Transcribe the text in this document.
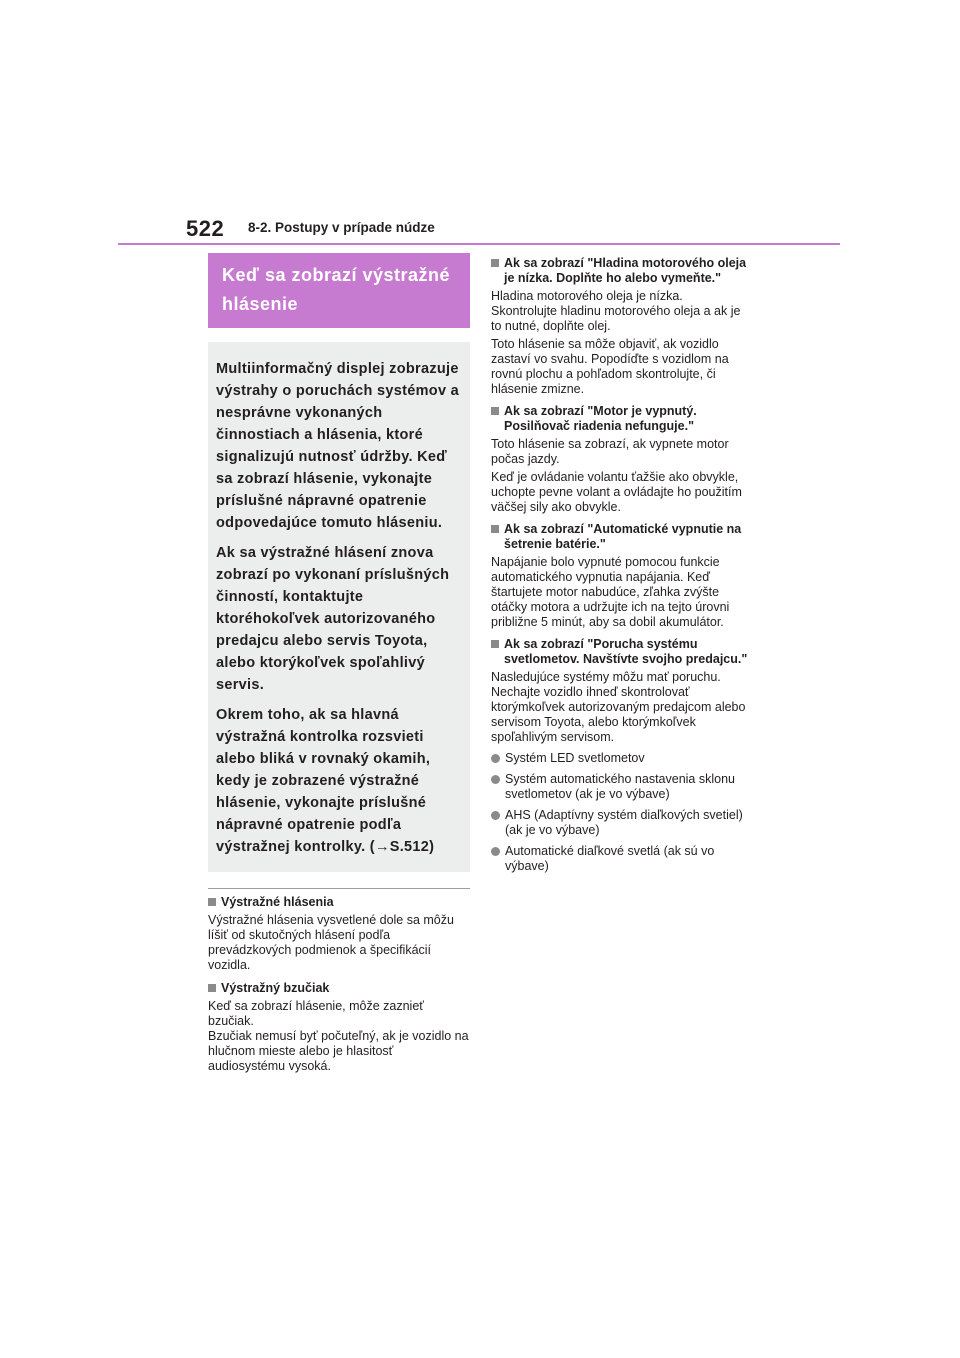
522 8-2. Postupy v prípade núdze
Keď sa zobrazí výstražné hlásenie

Multiinformačný displej zobrazuje výstrahy o poruchách systémov a nesprávne vykonaných činnostiach a hlásenia, ktoré signalizujú nutnosť údržby. Keď sa zobrazí hlásenie, vykonajte príslušné nápravné opatrenie odpovedajúce tomuto hláseniu.

Ak sa výstražné hlásení znova zobrazí po vykonaní príslušných činností, kontaktujte ktoréhokoľvek autorizovaného predajcu alebo servis Toyota, alebo ktorýkoľvek spoľahlivý servis.

Okrem toho, ak sa hlavná výstražná kontrolka rozsvieti alebo bliká v rovnaký okamih, kedy je zobrazené výstražné hlásenie, vykonajte príslušné nápravné opatrenie podľa výstražnej kontrolky. (→S.512)

Výstražné hlásenia
Výstražné hlásenia vysvetlené dole sa môžu líšiť od skutočných hlásení podľa prevádzkových podmienok a špecifikácií vozidla.
Výstražný bzučiak
Keď sa zobrazí hlásenie, môže zaznieť bzučiak.
Bzučiak nemusí byť počuteľný, ak je vozidlo na hlučnom mieste alebo je hlasitosť audiosystému vysoká.
Ak sa zobrazí "Hladina motorového oleja je nízka. Doplňte ho alebo vymeňte."
Hladina motorového oleja je nízka. Skontrolujte hladinu motorového oleja a ak je to nutné, doplňte olej.
Toto hlásenie sa môže objaviť, ak vozidlo zastaví vo svahu. Popodíďte s vozidlom na rovnú plochu a pohľadom skontrolujte, či hlásenie zmizne.
Ak sa zobrazí "Motor je vypnutý. Posilňovač riadenia nefunguje."
Toto hlásenie sa zobrazí, ak vypnete motor počas jazdy.
Keď je ovládanie volantu ťažšie ako obvykle, uchopte pevne volant a ovládajte ho použitím väčšej sily ako obvykle.
Ak sa zobrazí "Automatické vypnutie na šetrenie batérie."
Napájanie bolo vypnuté pomocou funkcie automatického vypnutia napájania. Keď štartujete motor nabudúce, zľahka zvýšte otáčky motora a udržujte ich na tejto úrovni približne 5 minút, aby sa dobil akumulátor.
Ak sa zobrazí "Porucha systému svetlometov. Navštívte svojho predajcu."
Nasledujúce systémy môžu mať poruchu. Nechajte vozidlo ihneď skontrolovať ktorýmkoľvek autorizovaným predajcom alebo servisom Toyota, alebo ktorýmkoľvek spoľahlivým servisom.
Systém LED svetlometov
Systém automatického nastavenia sklonu svetlometov (ak je vo výbave)
AHS (Adaptívny systém diaľkových svetiel) (ak je vo výbave)
Automatické diaľkové svetlá (ak sú vo výbave)
